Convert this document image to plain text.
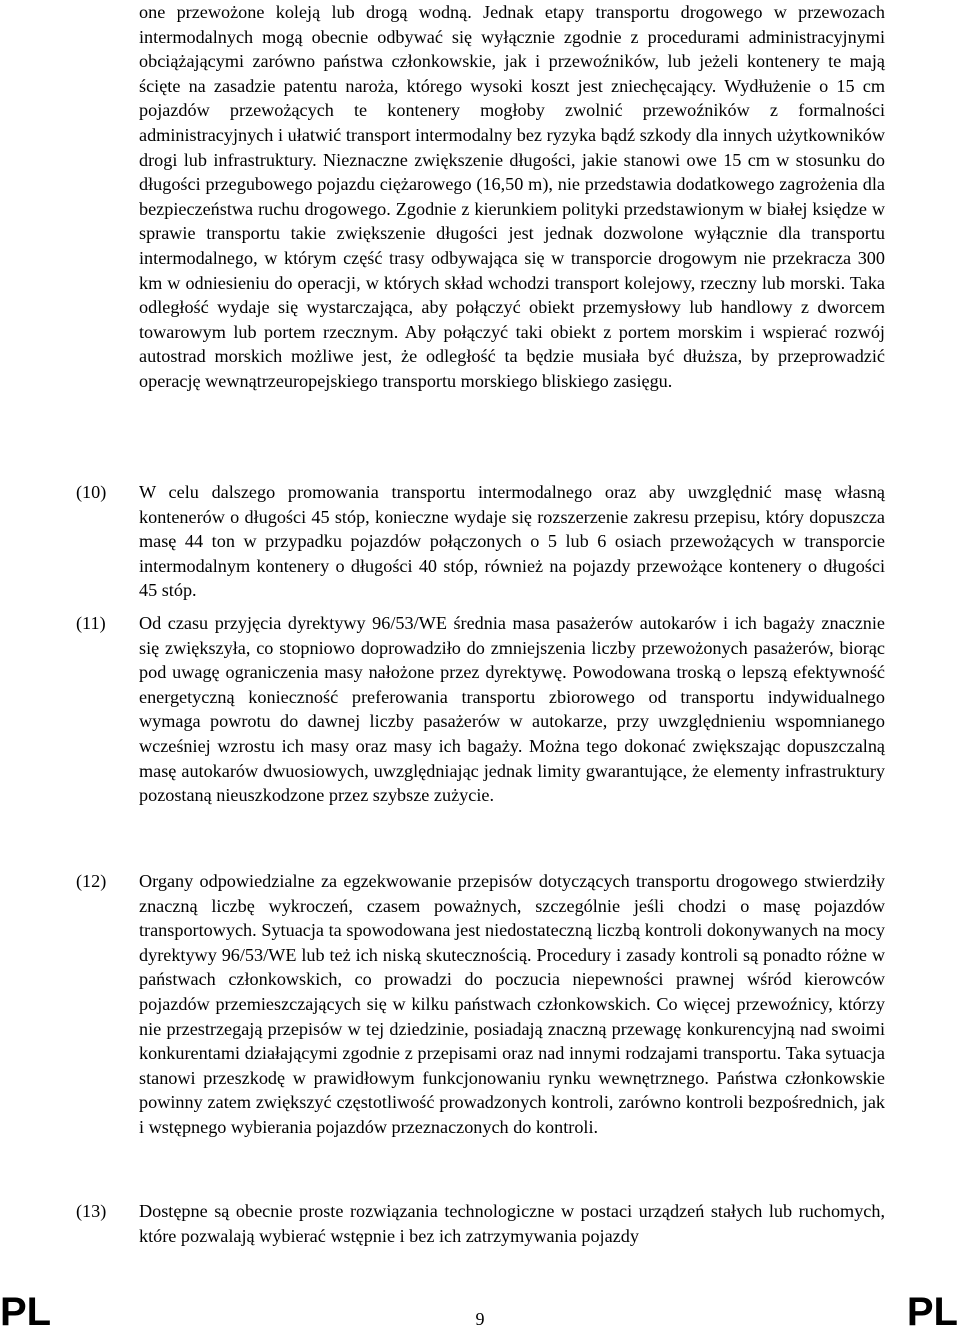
one przewożone koleją lub drogą wodną. Jednak etapy transportu drogowego w przewozach intermodalnych mogą obecnie odbywać się wyłącznie zgodnie z procedurami administracyjnymi obciążającymi zarówno państwa członkowskie, jak i przewoźników, lub jeżeli kontenery te mają ścięte na zasadzie patentu naroża, którego wysoki koszt jest zniechęcający. Wydłużenie o 15 cm pojazdów przewożących te kontenery mogłoby zwolnić przewoźników z formalności administracyjnych i ułatwić transport intermodalny bez ryzyka bądź szkody dla innych użytkowników drogi lub infrastruktury. Nieznaczne zwiększenie długości, jakie stanowi owe 15 cm w stosunku do długości przegubowego pojazdu ciężarowego (16,50 m), nie przedstawia dodatkowego zagrożenia dla bezpieczeństwa ruchu drogowego. Zgodnie z kierunkiem polityki przedstawionym w białej księdze w sprawie transportu takie zwiększenie długości jest jednak dozwolone wyłącznie dla transportu intermodalnego, w którym część trasy odbywająca się w transporcie drogowym nie przekracza 300 km w odniesieniu do operacji, w których skład wchodzi transport kolejowy, rzeczny lub morski. Taka odległość wydaje się wystarczająca, aby połączyć obiekt przemysłowy lub handlowy z dworcem towarowym lub portem rzecznym. Aby połączyć taki obiekt z portem morskim i wspierać rozwój autostrad morskich możliwe jest, że odległość ta będzie musiała być dłuższa, by przeprowadzić operację wewnątrzeuropejskiego transportu morskiego bliskiego zasięgu.

(10) W celu dalszego promowania transportu intermodalnego oraz aby uwzględnić masę własną kontenerów o długości 45 stóp, konieczne wydaje się rozszerzenie zakresu przepisu, który dopuszcza masę 44 ton w przypadku pojazdów połączonych o 5 lub 6 osiach przewożących w transporcie intermodalnym kontenery o długości 40 stóp, również na pojazdy przewożące kontenery o długości 45 stóp.

(11) Od czasu przyjęcia dyrektywy 96/53/WE średnia masa pasażerów autokarów i ich bagaży znacznie się zwiększyła, co stopniowo doprowadziło do zmniejszenia liczby przewożonych pasażerów, biorąc pod uwagę ograniczenia masy nałożone przez dyrektywę. Powodowana troską o lepszą efektywność energetyczną konieczność preferowania transportu zbiorowego od transportu indywidualnego wymaga powrotu do dawnej liczby pasażerów w autokarze, przy uwzględnieniu wspomnianego wcześniej wzrostu ich masy oraz masy ich bagaży. Można tego dokonać zwiększając dopuszczalną masę autokarów dwuosiowych, uwzględniając jednak limity gwarantujące, że elementy infrastruktury pozostaną nieuszkodzone przez szybsze zużycie.

(12) Organy odpowiedzialne za egzekwowanie przepisów dotyczących transportu drogowego stwierdziły znaczną liczbę wykroczeń, czasem poważnych, szczególnie jeśli chodzi o masę pojazdów transportowych. Sytuacja ta spowodowana jest niedostateczną liczbą kontroli dokonywanych na mocy dyrektywy 96/53/WE lub też ich niską skutecznością. Procedury i zasady kontroli są ponadto różne w państwach członkowskich, co prowadzi do poczucia niepewności prawnej wśród kierowców pojazdów przemieszczających się w kilku państwach członkowskich. Co więcej przewoźnicy, którzy nie przestrzegają przepisów w tej dziedzinie, posiadają znaczną przewagę konkurencyjną nad swoimi konkurentami działającymi zgodnie z przepisami oraz nad innymi rodzajami transportu. Taka sytuacja stanowi przeszkodę w prawidłowym funkcjonowaniu rynku wewnętrznego. Państwa członkowskie powinny zatem zwiększyć częstotliwość prowadzonych kontroli, zarówno kontroli bezpośrednich, jak i wstępnego wybierania pojazdów przeznaczonych do kontroli.

(13) Dostępne są obecnie proste rozwiązania technologiczne w postaci urządzeń stałych lub ruchomych, które pozwalają wybierać wstępnie i bez ich zatrzymywania pojazdy

PL	9	PL
